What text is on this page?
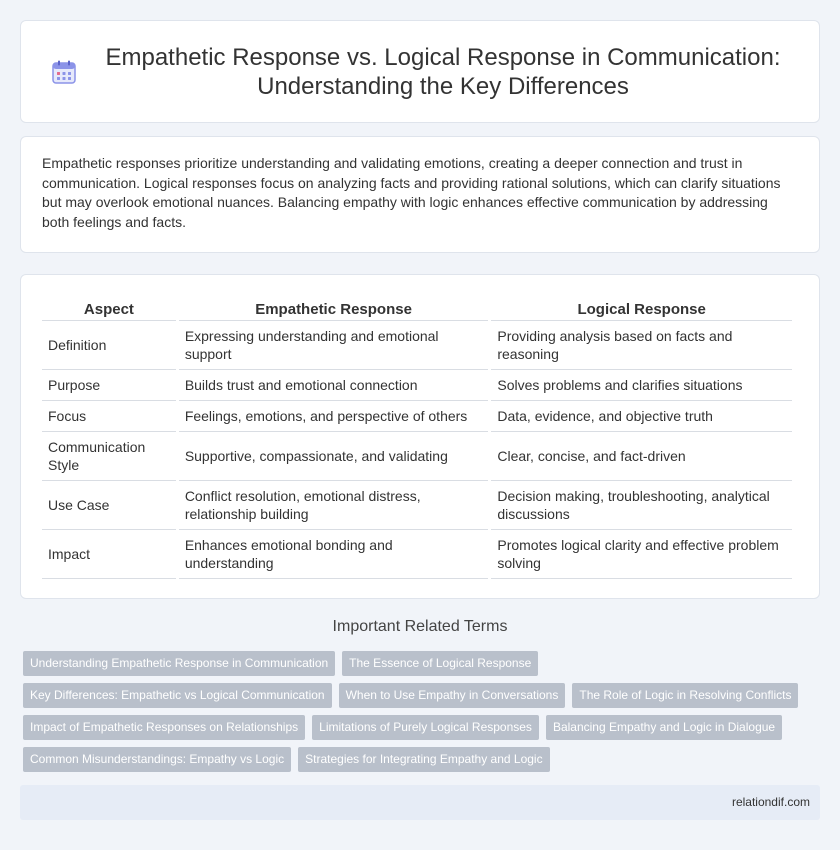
Empathetic Response vs. Logical Response in Communication: Understanding the Key Differences

Empathetic responses prioritize understanding and validating emotions, creating a deeper connection and trust in communication. Logical responses focus on analyzing facts and providing rational solutions, which can clarify situations but may overlook emotional nuances. Balancing empathy with logic enhances effective communication by addressing both feelings and facts.

Aspect	Empathetic Response	Logical Response
Definition	Expressing understanding and emotional support	Providing analysis based on facts and reasoning
Purpose	Builds trust and emotional connection	Solves problems and clarifies situations
Focus	Feelings, emotions, and perspective of others	Data, evidence, and objective truth
Communication Style	Supportive, compassionate, and validating	Clear, concise, and fact-driven
Use Case	Conflict resolution, emotional distress, relationship building	Decision making, troubleshooting, analytical discussions
Impact	Enhances emotional bonding and understanding	Promotes logical clarity and effective problem solving
Important Related Terms
Understanding Empathetic Response in Communication	The Essence of Logical Response
Key Differences: Empathetic vs Logical Communication	When to Use Empathy in Conversations	The Role of Logic in Resolving Conflicts
Impact of Empathetic Responses on Relationships	Limitations of Purely Logical Responses	Balancing Empathy and Logic in Dialogue
Common Misunderstandings: Empathy vs Logic	Strategies for Integrating Empathy and Logic
relationdif.com
